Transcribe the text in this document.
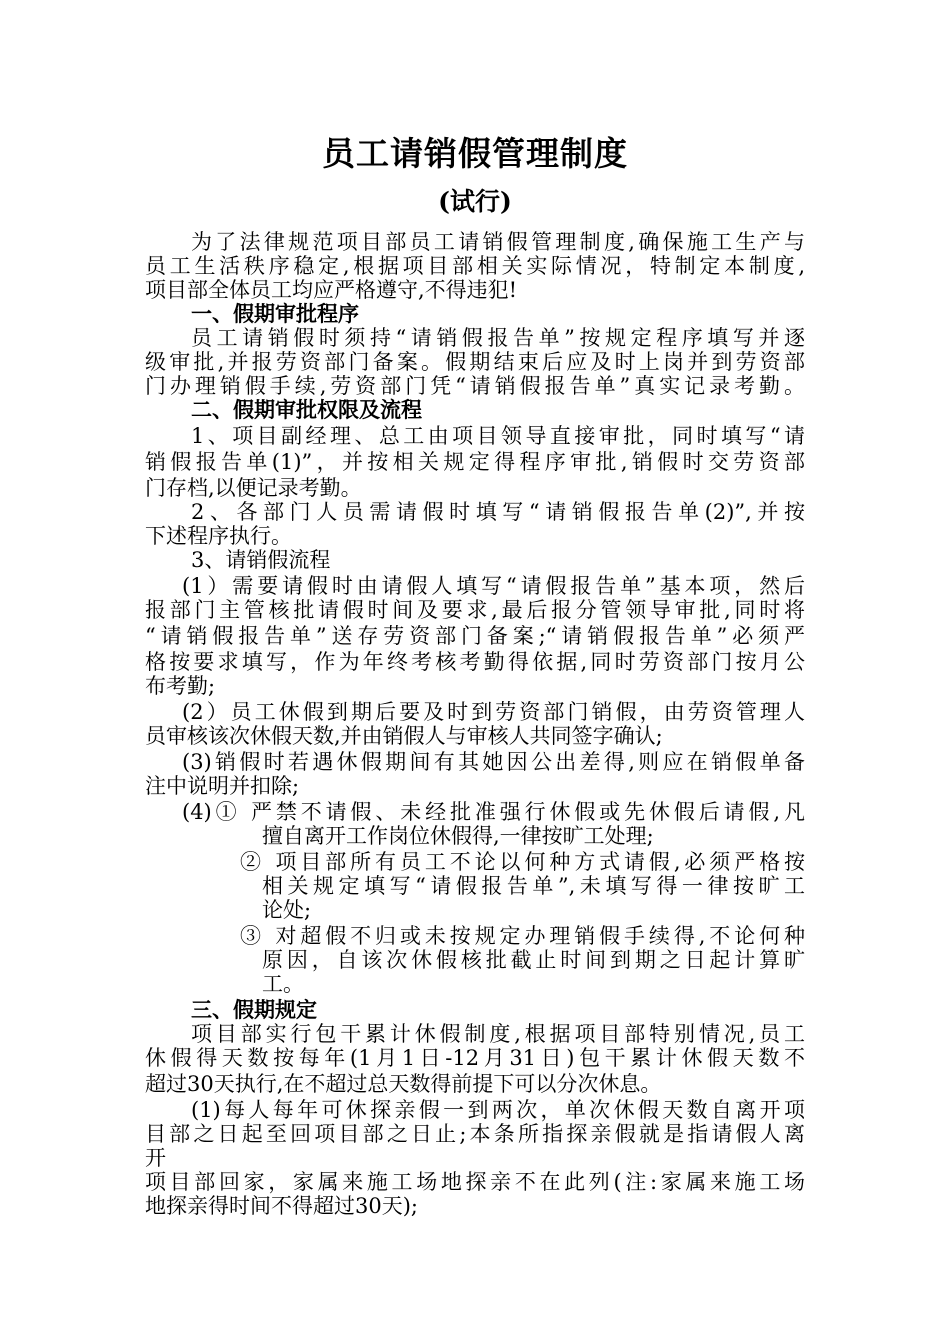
员工请销假管理制度
(试行)
为了法律规范项目部员工请销假管理制度,确保施工生产与
员工生活秩序稳定,根据项目部相关实际情况，特制定本制度,
项目部全体员工均应严格遵守,不得违犯!
一、假期审批程序
员工请销假时须持“请销假报告单”按规定程序填写并逐
级审批,并报劳资部门备案。假期结束后应及时上岗并到劳资部
门办理销假手续,劳资部门凭“请销假报告单”真实记录考勤。
二、假期审批权限及流程
1、项目副经理、总工由项目领导直接审批，同时填写“请
销假报告单(1)”，并按相关规定得程序审批,销假时交劳资部
门存档,以便记录考勤。
2、各部门人员需请假时填写“请销假报告单(2)”,并按
下述程序执行。
3、请销假流程
(1）需要请假时由请假人填写“请假报告单”基本项，然后
报部门主管核批请假时间及要求,最后报分管领导审批,同时将
“请销假报告单”送存劳资部门备案;“请销假报告单”必须严
格按要求填写，作为年终考核考勤得依据,同时劳资部门按月公
布考勤;
(2）员工休假到期后要及时到劳资部门销假，由劳资管理人
员审核该次休假天数,并由销假人与审核人共同签字确认;
(3)销假时若遇休假期间有其她因公出差得,则应在销假单备
注中说明并扣除;
(4)① 严禁不请假、未经批准强行休假或先休假后请假,凡
擅自离开工作岗位休假得,一律按旷工处理;
② 项目部所有员工不论以何种方式请假,必须严格按
相关规定填写“请假报告单”,未填写得一律按旷工
论处;
③ 对超假不归或未按规定办理销假手续得,不论何种
原因，自该次休假核批截止时间到期之日起计算旷
工。
三、假期规定
项目部实行包干累计休假制度,根据项目部特别情况,员工
休假得天数按每年(1月1日-12月31日)包干累计休假天数不
超过30天执行,在不超过总天数得前提下可以分次休息。
(1)每人每年可休探亲假一到两次，单次休假天数自离开项
目部之日起至回项目部之日止;本条所指探亲假就是指请假人离
开
项目部回家，家属来施工场地探亲不在此列(注:家属来施工场
地探亲得时间不得超过30天);
